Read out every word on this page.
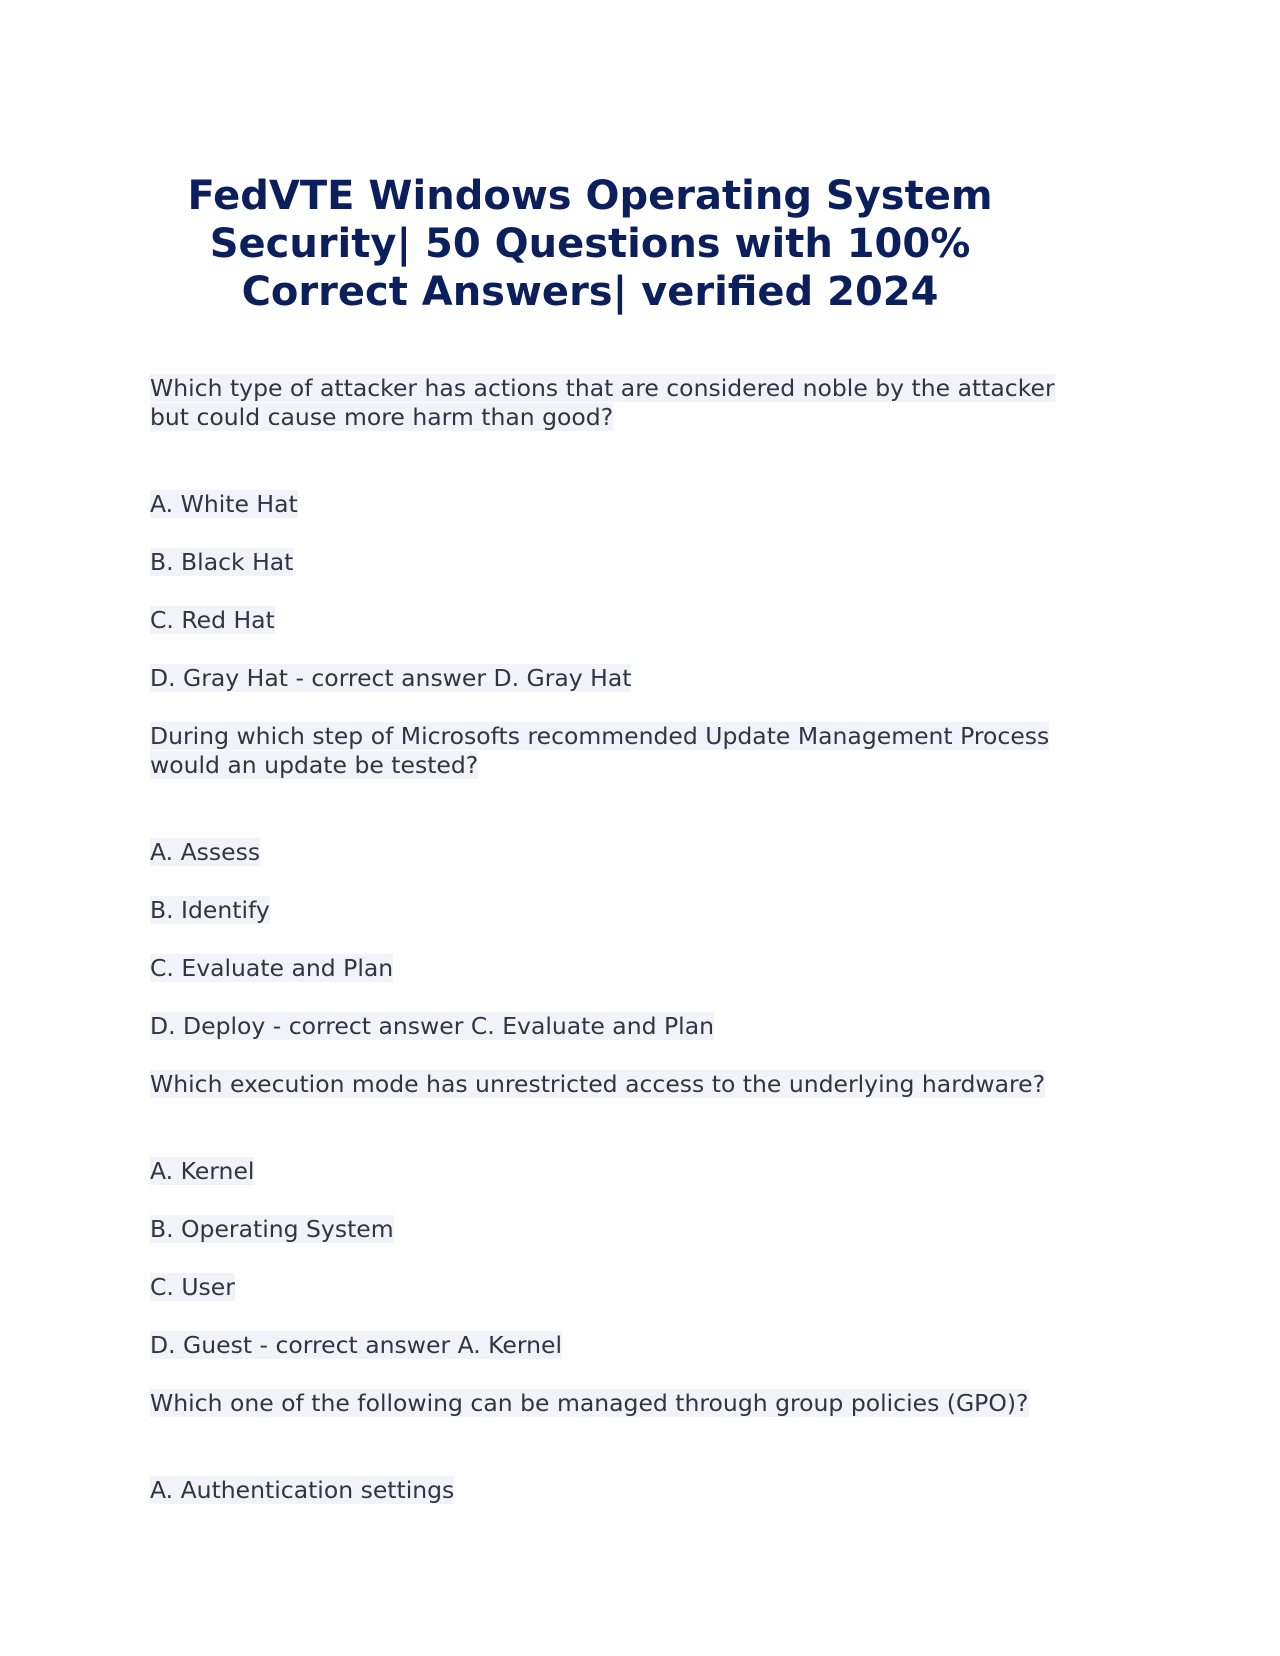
FedVTE Windows Operating System
Security| 50 Questions with 100%
Correct Answers| verified 2024
Which type of attacker has actions that are considered noble by the attacker
but could cause more harm than good?
A. White Hat
B. Black Hat
C. Red Hat
D. Gray Hat - correct answer D. Gray Hat
During which step of Microsofts recommended Update Management Process
would an update be tested?
A. Assess
B. Identify
C. Evaluate and Plan
D. Deploy - correct answer C. Evaluate and Plan
Which execution mode has unrestricted access to the underlying hardware?
A. Kernel
B. Operating System
C. User
D. Guest - correct answer A. Kernel
Which one of the following can be managed through group policies (GPO)?
A. Authentication settings
